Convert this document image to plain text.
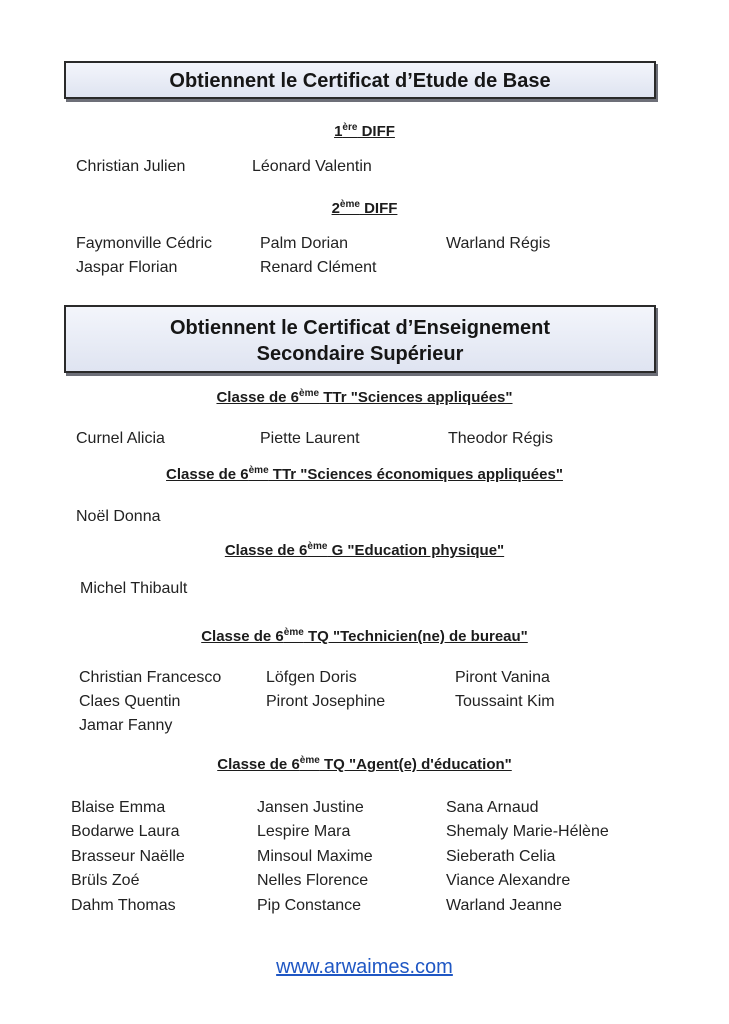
Obtiennent le Certificat d’Etude de Base
1ère DIFF
Christian Julien	Léonard Valentin
2ème DIFF
Faymonville Cédric	Palm Dorian	Warland Régis
Jaspar Florian	Renard Clément
Obtiennent le Certificat d’Enseignement
Secondaire Supérieur
Classe de 6ème TTr "Sciences appliquées"
Curnel Alicia	Piette Laurent	Theodor Régis
Classe de 6ème TTr "Sciences économiques appliquées"
Noël Donna
Classe de 6ème G "Education physique"
Michel Thibault
Classe de 6ème TQ "Technicien(ne) de bureau"
Christian Francesco	Löfgen Doris	Piront Vanina
Claes Quentin	Piront Josephine	Toussaint Kim
Jamar Fanny
Classe de 6ème TQ "Agent(e) d'éducation"
Blaise Emma	Jansen Justine	Sana Arnaud
Bodarwe Laura	Lespire Mara	Shemaly Marie-Hélène
Brasseur Naëlle	Minsoul Maxime	Sieberath Celia
Brüls Zoé	Nelles Florence	Viance Alexandre
Dahm Thomas	Pip Constance	Warland Jeanne
www.arwaimes.com
